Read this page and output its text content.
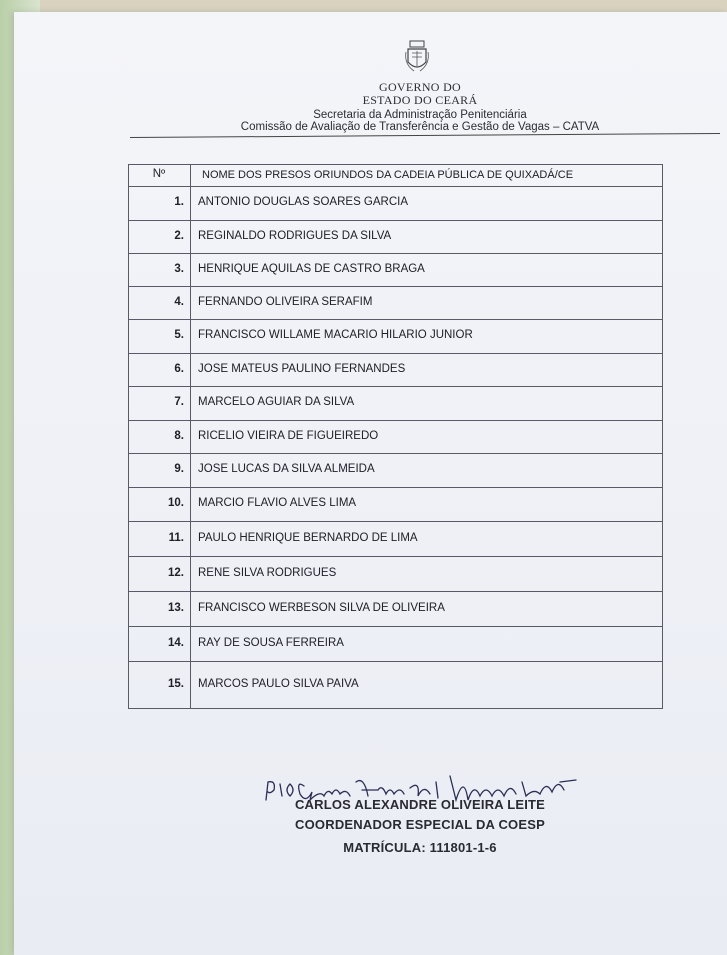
GOVERNO DO
ESTADO DO CEARÁ
Secretaria da Administração Penitenciária
Comissão de Avaliação de Transferência e Gestão de Vagas – CATVA
Nº	NOME DOS PRESOS ORIUNDOS DA CADEIA PÚBLICA DE QUIXADÁ/CE
1. ANTONIO DOUGLAS SOARES GARCIA
2. REGINALDO RODRIGUES DA SILVA
3. HENRIQUE AQUILAS DE CASTRO BRAGA
4. FERNANDO OLIVEIRA SERAFIM
5. FRANCISCO WILLAME MACARIO HILARIO JUNIOR
6. JOSE MATEUS PAULINO FERNANDES
7. MARCELO AGUIAR DA SILVA
8. RICELIO VIEIRA DE FIGUEIREDO
9. JOSE LUCAS DA SILVA ALMEIDA
10. MARCIO FLAVIO ALVES LIMA
11. PAULO HENRIQUE BERNARDO DE LIMA
12. RENE SILVA RODRIGUES
13. FRANCISCO WERBESON SILVA DE OLIVEIRA
14. RAY DE SOUSA FERREIRA
15. MARCOS PAULO SILVA PAIVA
CARLOS ALEXANDRE OLIVEIRA LEITE
COORDENADOR ESPECIAL DA COESP
MATRÍCULA: 111801-1-6
